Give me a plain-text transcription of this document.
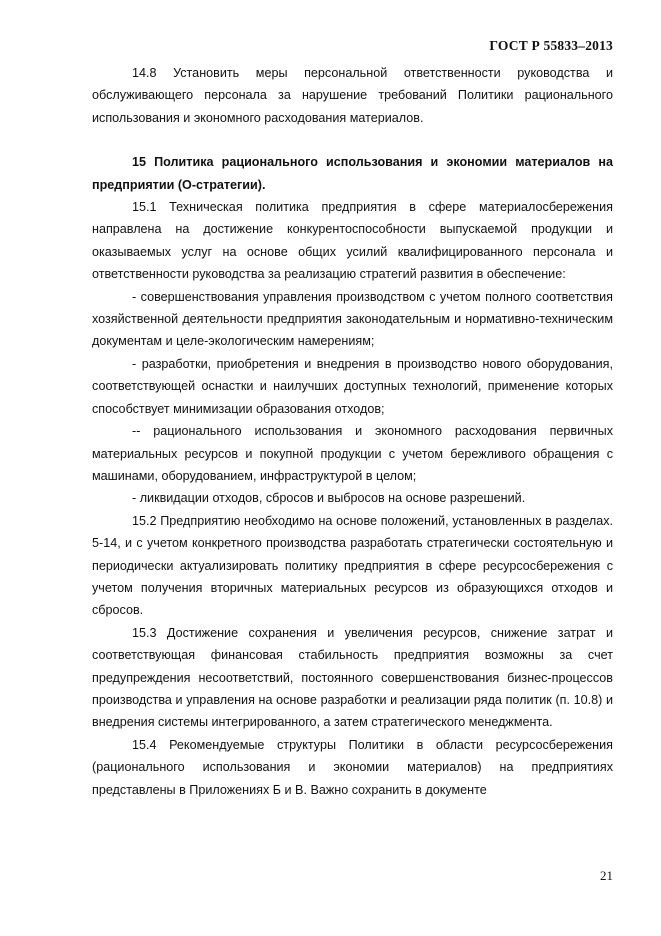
ГОСТ Р 55833–2013

14.8 Установить меры персональной ответственности руководства и обслуживающего персонала за нарушение требований Политики рационального использования и экономного расходования материалов.

15 Политика рационального использования и экономии материалов на предприятии (О-стратегии).

15.1 Техническая политика предприятия в сфере материалосбережения направлена на достижение конкурентоспособности выпускаемой продукции и оказываемых услуг на основе общих усилий квалифицированного персонала и ответственности руководства за реализацию стратегий развития в обеспечение:

- совершенствования управления производством с учетом полного соответствия хозяйственной деятельности предприятия законодательным и нормативно-техническим документам и целе-экологическим намерениям;

- разработки, приобретения и внедрения в производство нового оборудования, соответствующей оснастки и наилучших доступных технологий, применение которых способствует минимизации образования отходов;

-- рационального использования и экономного расходования первичных материальных ресурсов и покупной продукции с учетом бережливого обращения с машинами, оборудованием, инфраструктурой в целом;

- ликвидации отходов, сбросов и выбросов на основе разрешений.

15.2 Предприятию необходимо на основе положений, установленных в разделах. 5-14, и с учетом конкретного производства разработать стратегически состоятельную и периодически актуализировать политику предприятия в сфере ресурсосбережения с учетом получения вторичных материальных ресурсов из образующихся отходов и сбросов.

15.3 Достижение сохранения и увеличения ресурсов, снижение затрат и соответствующая финансовая стабильность предприятия возможны за счет предупреждения несоответствий, постоянного совершенствования бизнес-процессов производства и управления на основе разработки и реализации ряда политик (п. 10.8) и внедрения системы интегрированного, а затем стратегического менеджмента.

15.4 Рекомендуемые структуры Политики в области ресурсосбережения (рационального использования и экономии материалов) на предприятиях представлены в Приложениях Б и В. Важно сохранить в документе

21
